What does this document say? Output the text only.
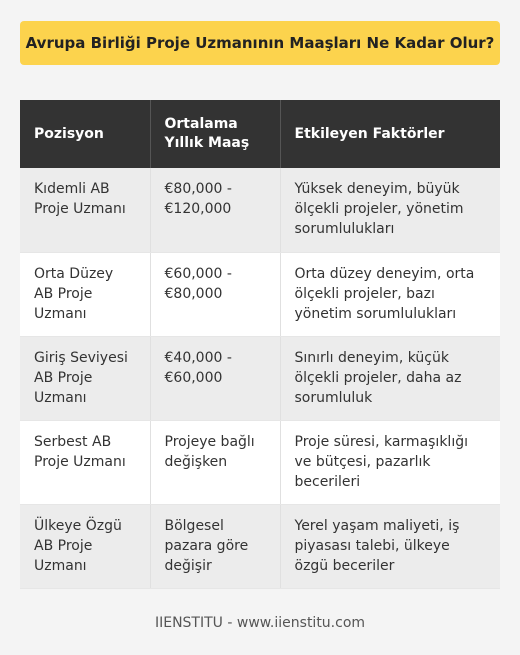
Avrupa Birliği Proje Uzmanının Maaşları Ne Kadar Olur?
Pozisyon	Ortalama Yıllık Maaş	Etkileyen Faktörler
Kıdemli AB Proje Uzmanı	€80,000 - €120,000	Yüksek deneyim, büyük ölçekli projeler, yönetim sorumlulukları
Orta Düzey AB Proje Uzmanı	€60,000 - €80,000	Orta düzey deneyim, orta ölçekli projeler, bazı yönetim sorumlulukları
Giriş Seviyesi AB Proje Uzmanı	€40,000 - €60,000	Sınırlı deneyim, küçük ölçekli projeler, daha az sorumluluk
Serbest AB Proje Uzmanı	Projeye bağlı değişken	Proje süresi, karmaşıklığı ve bütçesi, pazarlık becerileri
Ülkeye Özgü AB Proje Uzmanı	Bölgesel pazara göre değişir	Yerel yaşam maliyeti, iş piyasası talebi, ülkeye özgü beceriler
IIENSTITU - www.iienstitu.com
